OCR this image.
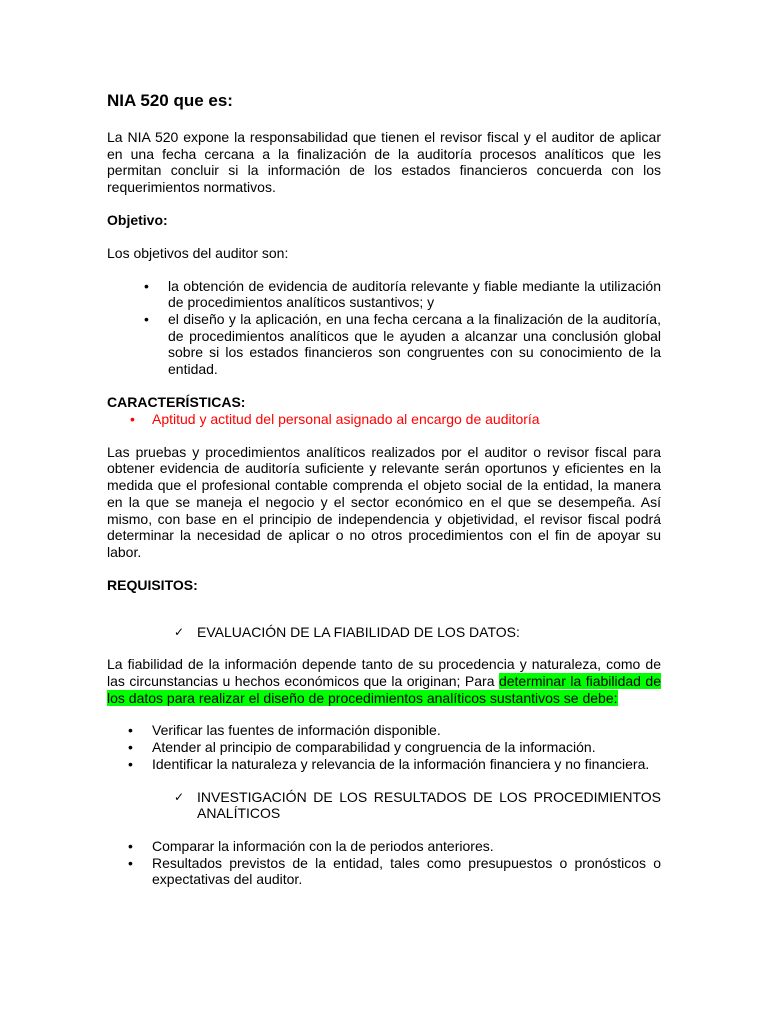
NIA 520 que es:

La NIA 520 expone la responsabilidad que tienen el revisor fiscal y el auditor de aplicar en una fecha cercana a la finalización de la auditoría procesos analíticos que les permitan concluir si la información de los estados financieros concuerda con los requerimientos normativos.

Objetivo:

Los objetivos del auditor son:

• la obtención de evidencia de auditoría relevante y fiable mediante la utilización de procedimientos analíticos sustantivos; y
• el diseño y la aplicación, en una fecha cercana a la finalización de la auditoría, de procedimientos analíticos que le ayuden a alcanzar una conclusión global sobre si los estados financieros son congruentes con su conocimiento de la entidad.
CARACTERÍSTICAS:
• Aptitud y actitud del personal asignado al encargo de auditoría

Las pruebas y procedimientos analíticos realizados por el auditor o revisor fiscal para obtener evidencia de auditoría suficiente y relevante serán oportunos y eficientes en la medida que el profesional contable comprenda el objeto social de la entidad, la manera en la que se maneja el negocio y el sector económico en el que se desempeña. Así mismo, con base en el principio de independencia y objetividad, el revisor fiscal podrá determinar la necesidad de aplicar o no otros procedimientos con el fin de apoyar su labor.

REQUISITOS:
✓ EVALUACIÓN DE LA FIABILIDAD DE LOS DATOS:

La fiabilidad de la información depende tanto de su procedencia y naturaleza, como de las circunstancias u hechos económicos que la originan; Para determinar la fiabilidad de los datos para realizar el diseño de procedimientos analíticos sustantivos se debe:

• Verificar las fuentes de información disponible.
• Atender al principio de comparabilidad y congruencia de la información.
• Identificar la naturaleza y relevancia de la información financiera y no financiera.
✓ INVESTIGACIÓN DE LOS RESULTADOS DE LOS PROCEDIMIENTOS ANALÍTICOS
• Comparar la información con la de periodos anteriores.
• Resultados previstos de la entidad, tales como presupuestos o pronósticos o expectativas del auditor.
